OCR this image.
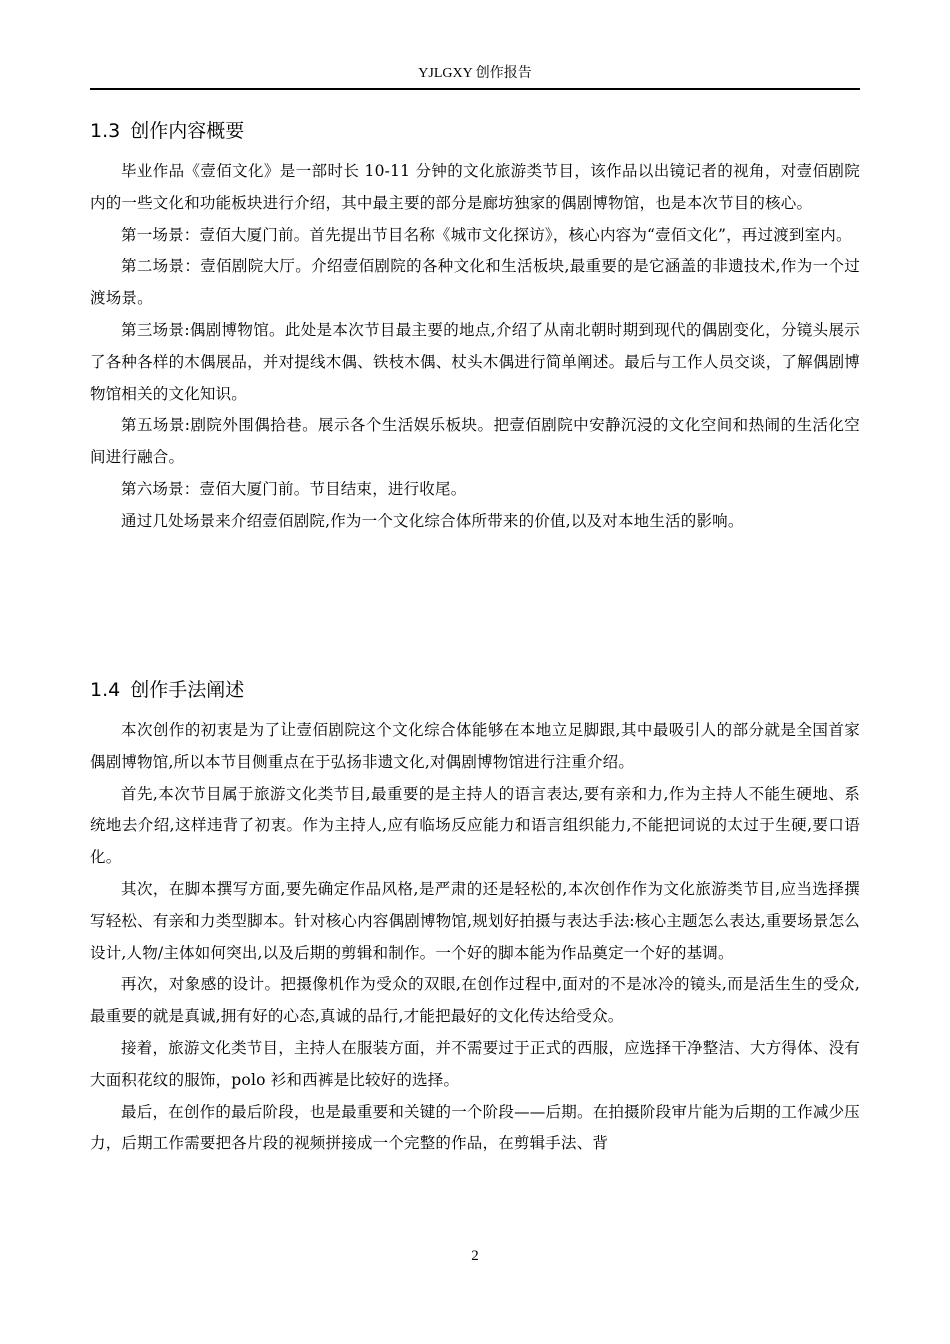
YJLGXY 创作报告
1.3 创作内容概要

毕业作品《壹佰文化》是一部时长 10-11 分钟的文化旅游类节目，该作品以出镜记者的视角，对壹佰剧院内的一些文化和功能板块进行介绍，其中最主要的部分是廊坊独家的偶剧博物馆，也是本次节目的核心。

第一场景：壹佰大厦门前。首先提出节目名称《城市文化探访》，核心内容为“壹佰文化”，再过渡到室内。

第二场景：壹佰剧院大厅。介绍壹佰剧院的各种文化和生活板块,最重要的是它涵盖的非遗技术,作为一个过渡场景。

第三场景:偶剧博物馆。此处是本次节目最主要的地点,介绍了从南北朝时期到现代的偶剧变化，分镜头展示了各种各样的木偶展品，并对提线木偶、铁枝木偶、杖头木偶进行简单阐述。最后与工作人员交谈，了解偶剧博物馆相关的文化知识。

第五场景:剧院外围偶拾巷。展示各个生活娱乐板块。把壹佰剧院中安静沉浸的文化空间和热闹的生活化空间进行融合。

第六场景：壹佰大厦门前。节目结束，进行收尾。

通过几处场景来介绍壹佰剧院,作为一个文化综合体所带来的价值,以及对本地生活的影响。

1.4 创作手法阐述

本次创作的初衷是为了让壹佰剧院这个文化综合体能够在本地立足脚跟,其中最吸引人的部分就是全国首家偶剧博物馆,所以本节目侧重点在于弘扬非遗文化,对偶剧博物馆进行注重介绍。

首先,本次节目属于旅游文化类节目,最重要的是主持人的语言表达,要有亲和力,作为主持人不能生硬地、系统地去介绍,这样违背了初衷。作为主持人,应有临场反应能力和语言组织能力,不能把词说的太过于生硬,要口语化。

其次，在脚本撰写方面,要先确定作品风格,是严肃的还是轻松的,本次创作作为文化旅游类节目,应当选择撰写轻松、有亲和力类型脚本。针对核心内容偶剧博物馆,规划好拍摄与表达手法:核心主题怎么表达,重要场景怎么设计,人物/主体如何突出,以及后期的剪辑和制作。一个好的脚本能为作品奠定一个好的基调。

再次，对象感的设计。把摄像机作为受众的双眼,在创作过程中,面对的不是冰冷的镜头,而是活生生的受众,最重要的就是真诚,拥有好的心态,真诚的品行,才能把最好的文化传达给受众。

接着，旅游文化类节目，主持人在服装方面，并不需要过于正式的西服，应选择干净整洁、大方得体、没有大面积花纹的服饰，polo 衫和西裤是比较好的选择。

最后，在创作的最后阶段，也是最重要和关键的一个阶段——后期。在拍摄阶段审片能为后期的工作减少压力，后期工作需要把各片段的视频拼接成一个完整的作品，在剪辑手法、背

2
